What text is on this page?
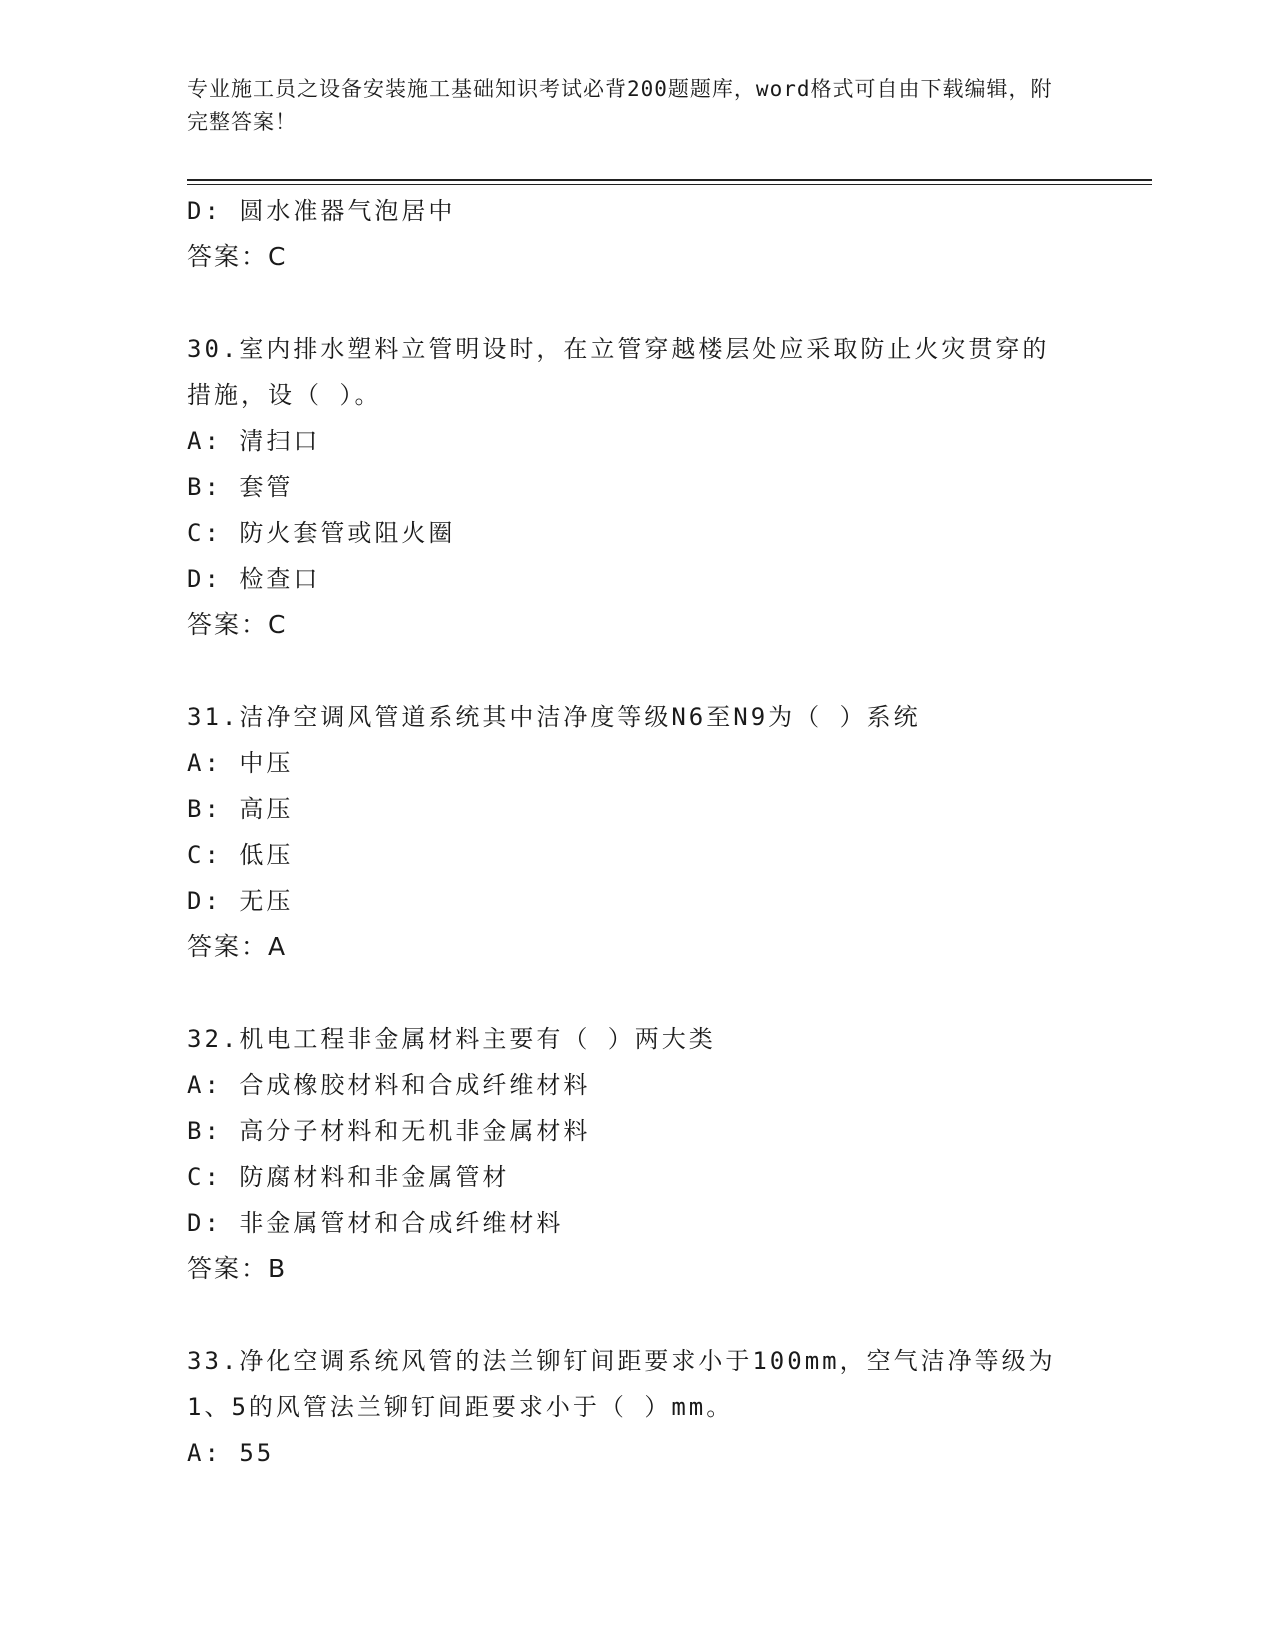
专业施工员之设备安装施工基础知识考试必背200题题库，word格式可自由下载编辑，附完整答案！
D: 圆水准器气泡居中
答案：C
30.室内排水塑料立管明设时，在立管穿越楼层处应采取防止火灾贯穿的措施，设（ ）。
A: 清扫口
B: 套管
C: 防火套管或阻火圈
D: 检查口
答案：C
31.洁净空调风管道系统其中洁净度等级N6至N9为（ ）系统
A: 中压
B: 高压
C: 低压
D: 无压
答案：A
32.机电工程非金属材料主要有（ ）两大类
A: 合成橡胶材料和合成纤维材料
B: 高分子材料和无机非金属材料
C: 防腐材料和非金属管材
D: 非金属管材和合成纤维材料
答案：B
33.净化空调系统风管的法兰铆钉间距要求小于100mm，空气洁净等级为1、5的风管法兰铆钉间距要求小于（ ）mm。
A: 55
